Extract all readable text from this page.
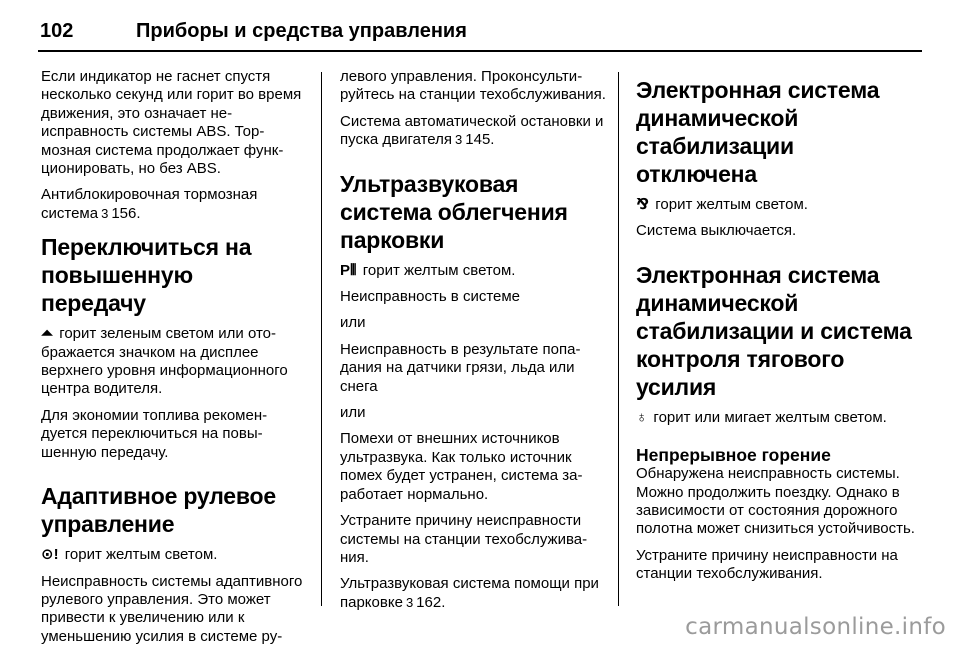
102	Приборы и средства управления

Если индикатор не гаснет спустя несколько секунд или горит во время движения, это означает неисправность системы ABS. Тормозная система продолжает функционировать, но без ABS.

Антиблокировочная тормозная система 3 156.

Переключиться на повышенную передачу

⏶ горит зеленым светом или отображается значком на дисплее верхнего уровня информационного центра водителя.

Для экономии топлива рекомендуется переключиться на повышенную передачу.

Адаптивное рулевое управление

⊙! горит желтым светом.

Неисправность системы адаптивного рулевого управления. Это может привести к увеличению или к уменьшению усилия в системе ру-

левого управления. Проконсультируйтесь на станции техобслуживания.

Система автоматической остановки и пуска двигателя 3 145.

Ультразвуковая система облегчения парковки

P⦀ горит желтым светом.

Неисправность в системе

или

Неисправность в результате попадания на датчики грязи, льда или снега

или

Помехи от внешних источников ультразвука. Как только источник помех будет устранен, система заработает нормально.

Устраните причину неисправности системы на станции техобслуживания.

Ультразвуковая система помощи при парковке 3 162.

Электронная система динамической стабилизации отключена

⅋ горит желтым светом.

Система выключается.

Электронная система динамической стабилизации и система контроля тягового усилия

♁ горит или мигает желтым светом.

Непрерывное горение

Обнаружена неисправность системы. Можно продолжить поездку. Однако в зависимости от состояния дорожного полотна может снизиться устойчивость.

Устраните причину неисправности на станции техобслуживания.

carmanualsonline.info
